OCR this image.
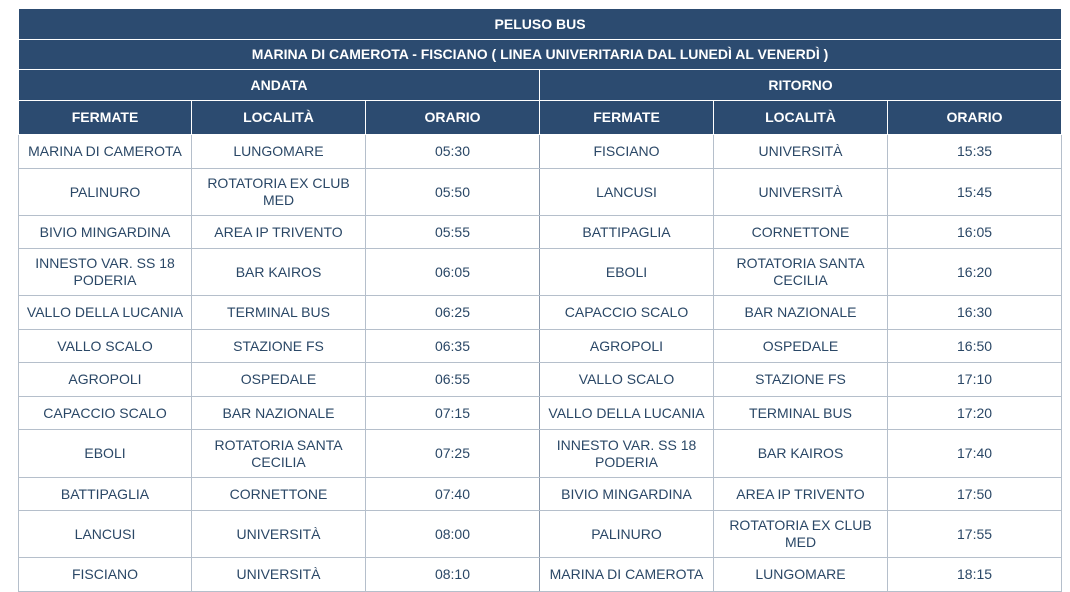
PELUSO BUS					
MARINA DI CAMEROTA - FISCIANO ( LINEA UNIVERITARIA DAL LUNEDÌ AL VENERDÌ )					
ANDATA			RITORNO		
FERMATE	LOCALITÀ	ORARIO	FERMATE	LOCALITÀ	ORARIO
MARINA DI CAMEROTA	LUNGOMARE	05:30	FISCIANO	UNIVERSITÀ	15:35
PALINURO	ROTATORIA EX CLUB MED	05:50	LANCUSI	UNIVERSITÀ	15:45
BIVIO MINGARDINA	AREA IP TRIVENTO	05:55	BATTIPAGLIA	CORNETTONE	16:05
INNESTO VAR. SS 18 PODERIA	BAR KAIROS	06:05	EBOLI	ROTATORIA SANTA CECILIA	16:20
VALLO DELLA LUCANIA	TERMINAL BUS	06:25	CAPACCIO SCALO	BAR NAZIONALE	16:30
VALLO SCALO	STAZIONE FS	06:35	AGROPOLI	OSPEDALE	16:50
AGROPOLI	OSPEDALE	06:55	VALLO SCALO	STAZIONE FS	17:10
CAPACCIO SCALO	BAR NAZIONALE	07:15	VALLO DELLA LUCANIA	TERMINAL BUS	17:20
EBOLI	ROTATORIA SANTA CECILIA	07:25	INNESTO VAR. SS 18 PODERIA	BAR KAIROS	17:40
BATTIPAGLIA	CORNETTONE	07:40	BIVIO MINGARDINA	AREA IP TRIVENTO	17:50
LANCUSI	UNIVERSITÀ	08:00	PALINURO	ROTATORIA EX CLUB MED	17:55
FISCIANO	UNIVERSITÀ	08:10	MARINA DI CAMEROTA	LUNGOMARE	18:15
